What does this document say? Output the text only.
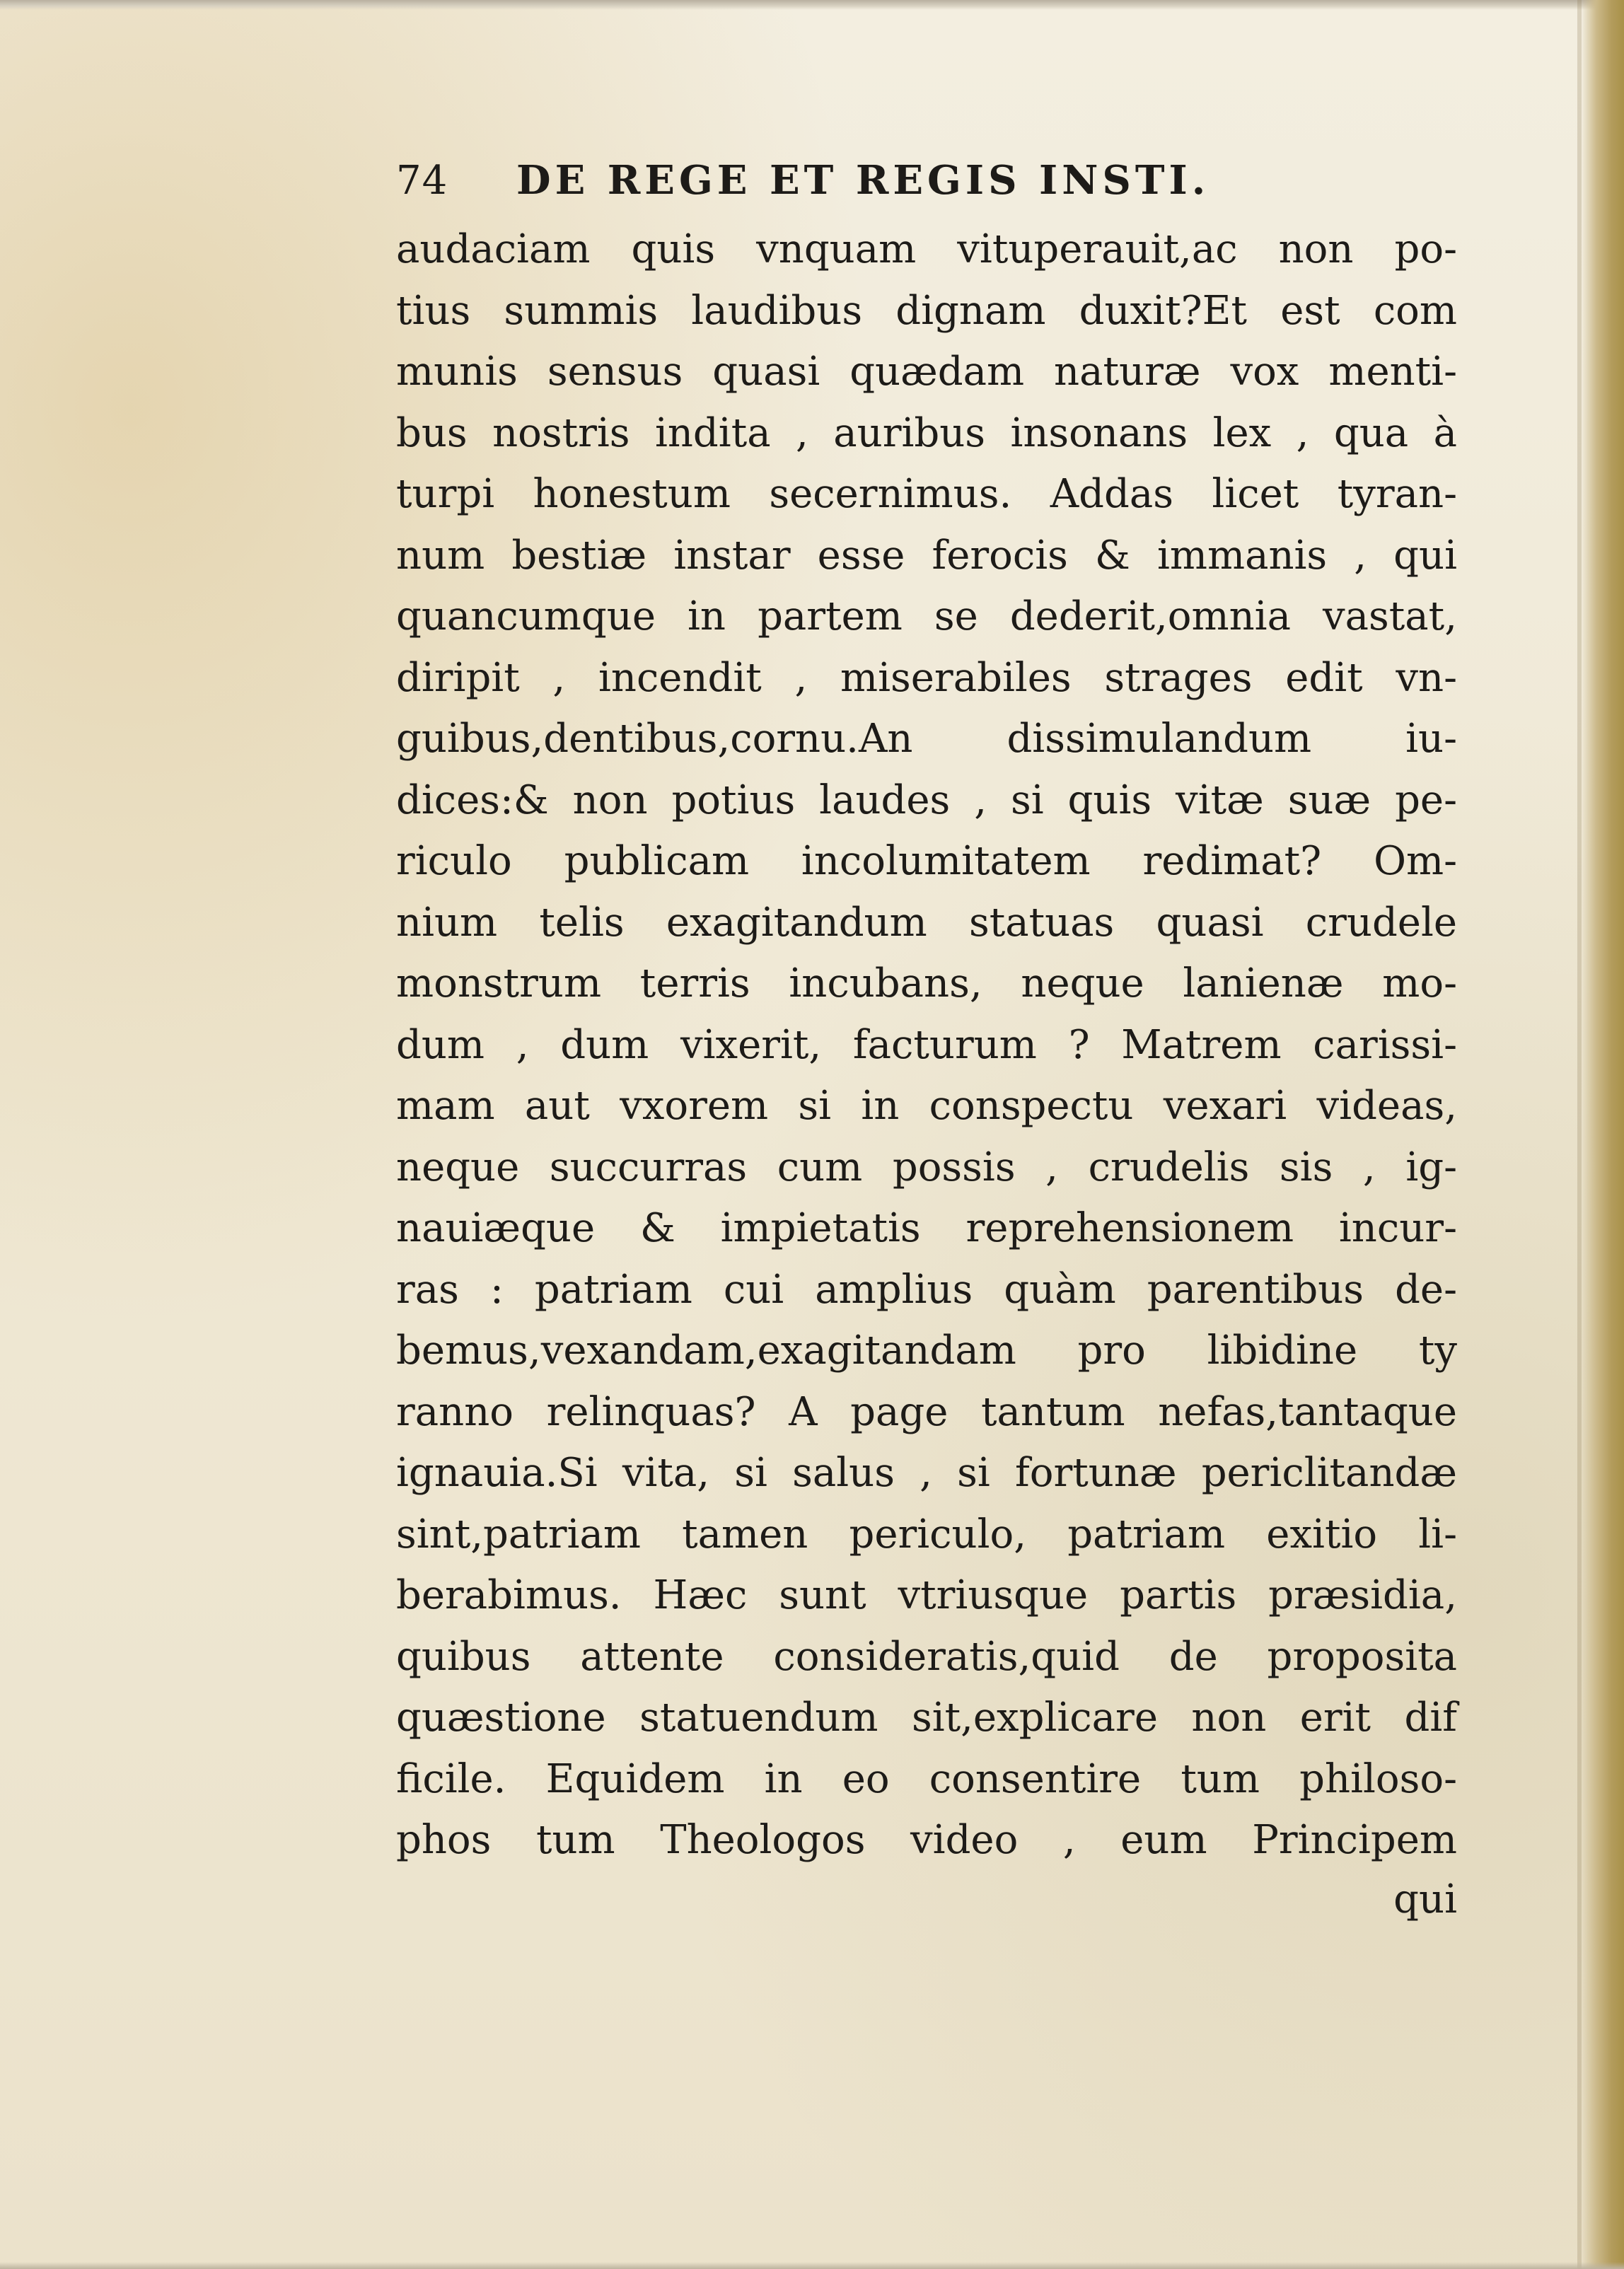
74 DE REGE ET REGIS INSTI.
audaciam quis vnquam vituperauit,ac non po-
tius summis laudibus dignam duxit?Et est com
munis sensus quasi quædam naturæ vox menti-
bus nostris indita , auribus insonans lex , qua à
turpi honestum secernimus. Addas licet tyran-
num bestiæ instar esse ferocis & immanis , qui
quancumque in partem se dederit,omnia vastat,
diripit , incendit , miserabiles strages edit vn-
guibus,dentibus,cornu.An dissimulandum iu-
dices:& non potius laudes , si quis vitæ suæ pe-
riculo publicam incolumitatem redimat? Om-
nium telis exagitandum statuas quasi crudele
monstrum terris incubans, neque lanienæ mo-
dum , dum vixerit, facturum ? Matrem carissi-
mam aut vxorem si in conspectu vexari videas,
neque succurras cum possis , crudelis sis , ig-
nauiæque & impietatis reprehensionem incur-
ras : patriam cui amplius quàm parentibus de-
bemus,vexandam,exagitandam pro libidine ty
ranno relinquas? A page tantum nefas,tantaque
ignauia.Si vita, si salus , si fortunæ periclitandæ
sint,patriam tamen periculo, patriam exitio li-
berabimus. Hæc sunt vtriusque partis præsidia,
quibus attente consideratis,quid de proposita
quæstione statuendum sit,explicare non erit dif
ficile. Equidem in eo consentire tum philoso-
phos tum Theologos video , eum Principem
qui
